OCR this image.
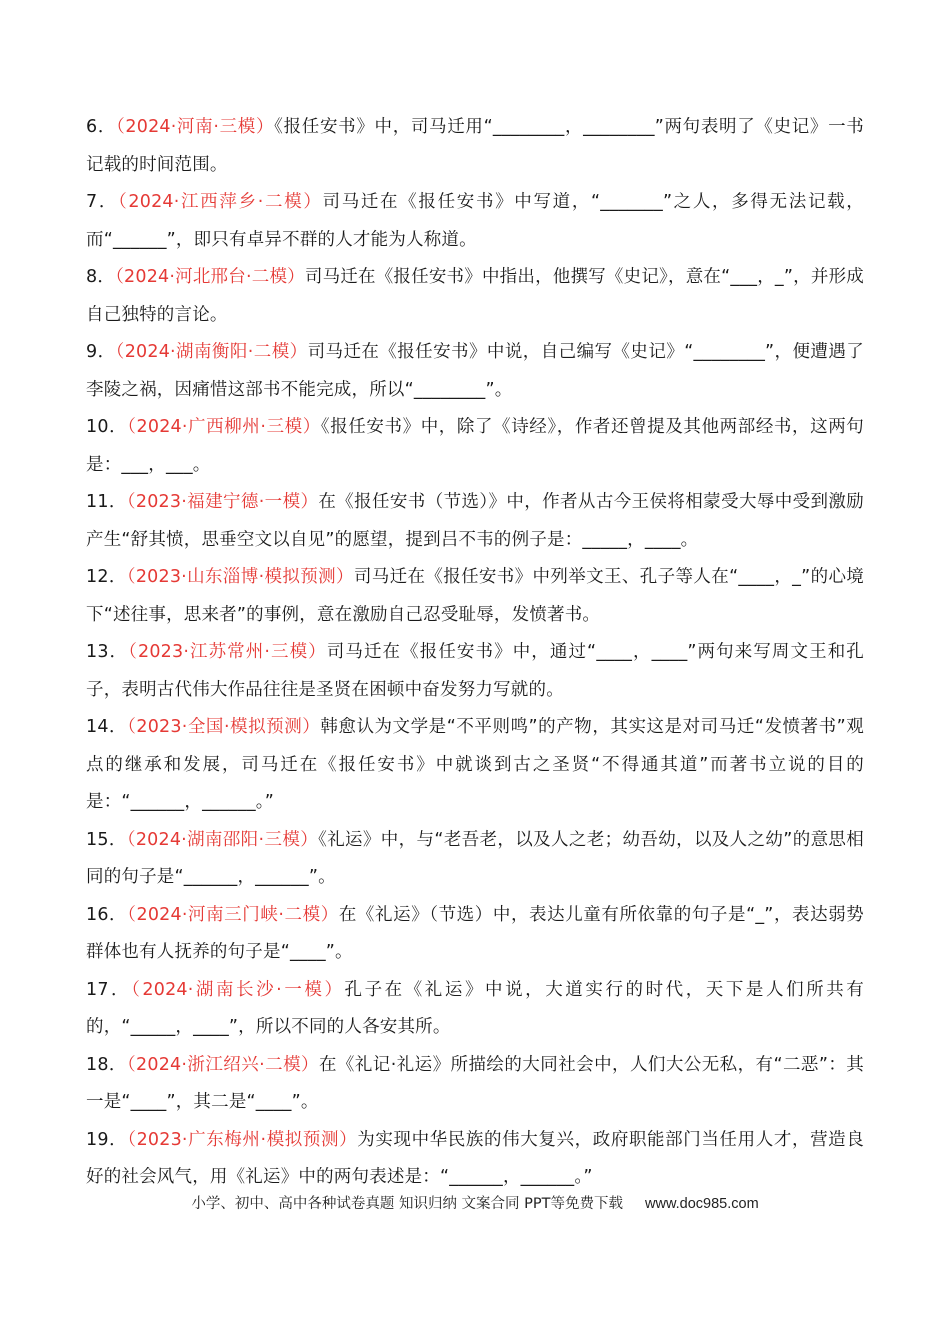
6．（2024·河南·三模）《报任安书》中，司马迁用“________，________”两句表明了《史记》一书记载的时间范围。

7．（2024·江西萍乡·二模）司马迁在《报任安书》中写道，“_______”之人，多得无法记载，而“______”，即只有卓异不群的人才能为人称道。

8．（2024·河北邢台·二模）司马迁在《报任安书》中指出，他撰写《史记》，意在“___，_”，并形成自己独特的言论。

9．（2024·湖南衡阳·二模）司马迁在《报任安书》中说，自己编写《史记》“________”，便遭遇了李陵之祸，因痛惜这部书不能完成，所以“________”。

10．（2024·广西柳州·三模）《报任安书》中，除了《诗经》，作者还曾提及其他两部经书，这两句是：___，___。

11．（2023·福建宁德·一模）在《报任安书（节选）》中，作者从古今王侯将相蒙受大辱中受到激励产生“舒其愤，思垂空文以自见”的愿望，提到吕不韦的例子是：_____，____。

12．（2023·山东淄博·模拟预测）司马迁在《报任安书》中列举文王、孔子等人在“____，_”的心境下“述往事，思来者”的事例，意在激励自己忍受耻辱，发愤著书。

13．（2023·江苏常州·三模）司马迁在《报任安书》中，通过“____，____”两句来写周文王和孔子，表明古代伟大作品往往是圣贤在困顿中奋发努力写就的。

14．（2023·全国·模拟预测）韩愈认为文学是“不平则鸣”的产物，其实这是对司马迁“发愤著书”观点的继承和发展，司马迁在《报任安书》中就谈到古之圣贤“不得通其道”而著书立说的目的是：“______，______。”

15．（2024·湖南邵阳·三模）《礼运》中，与“老吾老，以及人之老；幼吾幼，以及人之幼”的意思相同的句子是“______，______”。

16．（2024·河南三门峡·二模）在《礼运》（节选）中，表达儿童有所依靠的句子是“_”，表达弱势群体也有人抚养的句子是“____”。

17．（2024·湖南长沙·一模）孔子在《礼运》中说，大道实行的时代，天下是人们所共有的，“_____，____”，所以不同的人各安其所。

18．（2024·浙江绍兴·二模）在《礼记·礼运》所描绘的大同社会中，人们大公无私，有“二恶”：其一是“____”，其二是“____”。

19．（2023·广东梅州·模拟预测）为实现中华民族的伟大复兴，政府职能部门当任用人才，营造良好的社会风气，用《礼运》中的两句表述是：“______，______。”

小学、初中、高中各种试卷真题 知识归纳 文案合同 PPT等免费下载 www.doc985.com
